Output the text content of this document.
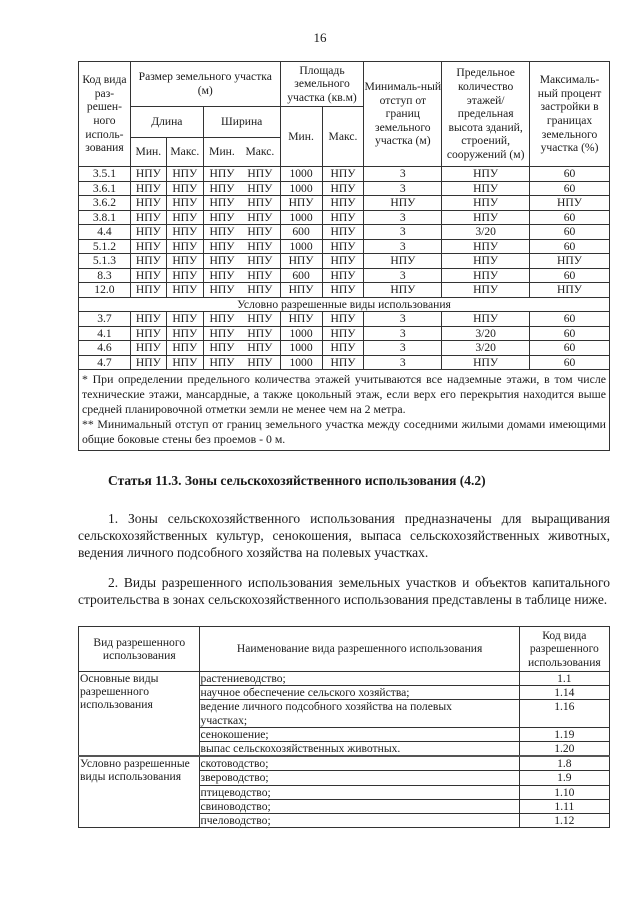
16
Код вида раз-решен-ного исполь-зования	Размер земельного участка (м)				Площадь земельного участка (кв.м)		Минималь-ный отступ от границ земельного участка (м)	Предельное количество этажей/ предельная высота зданий, строений, сооружений (м)	Максималь-ный процент застройки в границах земельного участка (%)
	Длина		Ширина		Мин.	Макс.			
	Мин.	Макс.	Мин.	Макс.					
3.5.1	НПУ	НПУ	НПУ	НПУ	1000	НПУ	3	НПУ	60
3.6.1	НПУ	НПУ	НПУ	НПУ	1000	НПУ	3	НПУ	60
3.6.2	НПУ	НПУ	НПУ	НПУ	НПУ	НПУ	НПУ	НПУ	НПУ
3.8.1	НПУ	НПУ	НПУ	НПУ	1000	НПУ	3	НПУ	60
4.4	НПУ	НПУ	НПУ	НПУ	600	НПУ	3	3/20	60
5.1.2	НПУ	НПУ	НПУ	НПУ	1000	НПУ	3	НПУ	60
5.1.3	НПУ	НПУ	НПУ	НПУ	НПУ	НПУ	НПУ	НПУ	НПУ
8.3	НПУ	НПУ	НПУ	НПУ	600	НПУ	3	НПУ	60
12.0	НПУ	НПУ	НПУ	НПУ	НПУ	НПУ	НПУ	НПУ	НПУ
Условно разрешенные виды использования									
3.7	НПУ	НПУ	НПУ	НПУ	НПУ	НПУ	3	НПУ	60
4.1	НПУ	НПУ	НПУ	НПУ	1000	НПУ	3	3/20	60
4.6	НПУ	НПУ	НПУ	НПУ	1000	НПУ	3	3/20	60
4.7	НПУ	НПУ	НПУ	НПУ	1000	НПУ	3	НПУ	60

* При определении предельного количества этажей учитываются все надземные этажи, в том числе технические этажи, мансардные, а также цокольный этаж, если верх его перекрытия находится выше средней планировочной отметки земли не менее чем на 2 метра.
** Минимальный отступ от границ земельного участка между соседними жилыми домами имеющими общие боковые стены без проемов - 0 м.									
Статья 11.3. Зоны сельскохозяйственного использования (4.2)
1. Зоны сельскохозяйственного использования предназначены для выращивания сельскохозяйственных культур, сенокошения, выпаса сельскохозяйственных животных, ведения личного подсобного хозяйства на полевых участках.
2. Виды разрешенного использования земельных участков и объектов капитального строительства в зонах сельскохозяйственного использования представлены в таблице ниже.
Вид разрешенного использования	Наименование вида разрешенного использования	Код вида разрешенного использования
Основные виды разрешенного использования	растениеводство;	1.1
	научное обеспечение сельского хозяйства;	1.14
	ведение личного подсобного хозяйства на полевых участках;	1.16
	сенокошение;	1.19
	выпас сельскохозяйственных животных.	1.20
Условно разрешенные виды использования	скотоводство;	1.8
	звероводство;	1.9
	птицеводство;	1.10
	свиноводство;	1.11
	пчеловодство;	1.12
